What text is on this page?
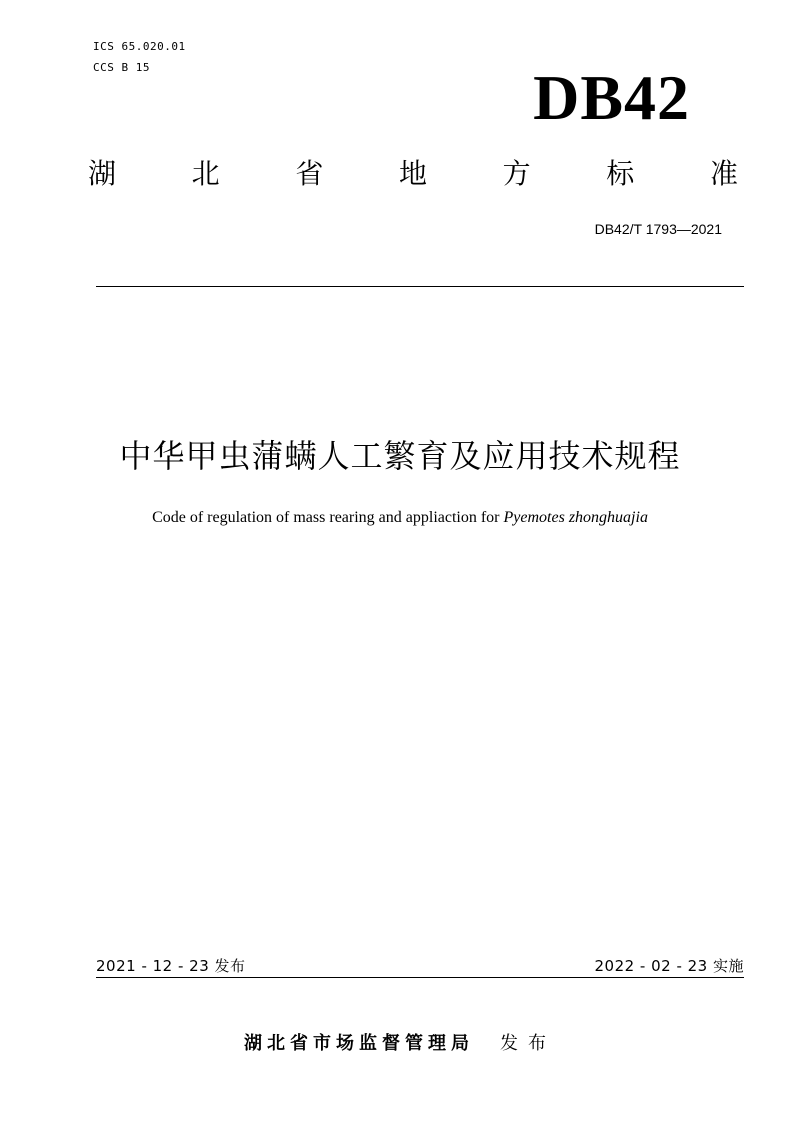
ICS 65.020.01
CCS B 15	DB42
湖	北	省	地	方	标	准
DB42/T 1793—2021
中华甲虫蒲螨人工繁育及应用技术规程
Code of regulation of mass rearing and appliaction for Pyemotes zhonghuajia
2021 - 12 - 23 发布	2022 - 02 - 23 实施
湖北省市场监督管理局 发布
